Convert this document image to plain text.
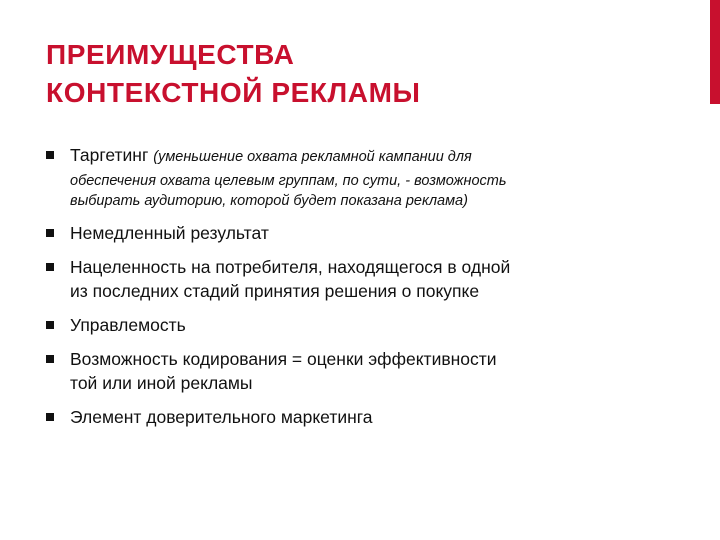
ПРЕИМУЩЕСТВА
КОНТЕКСТНОЙ РЕКЛАМЫ
Таргетинг (уменьшение охвата рекламной кампании для
обеспечения охвата целевым группам, по сути, - возможность
выбирать аудиторию, которой будет показана реклама)
Немедленный результат
Нацеленность на потребителя, находящегося в одной
из последних стадий принятия решения о покупке
Управлемость
Возможность кодирования = оценки эффективности
той или иной рекламы
Элемент доверительного маркетинга
